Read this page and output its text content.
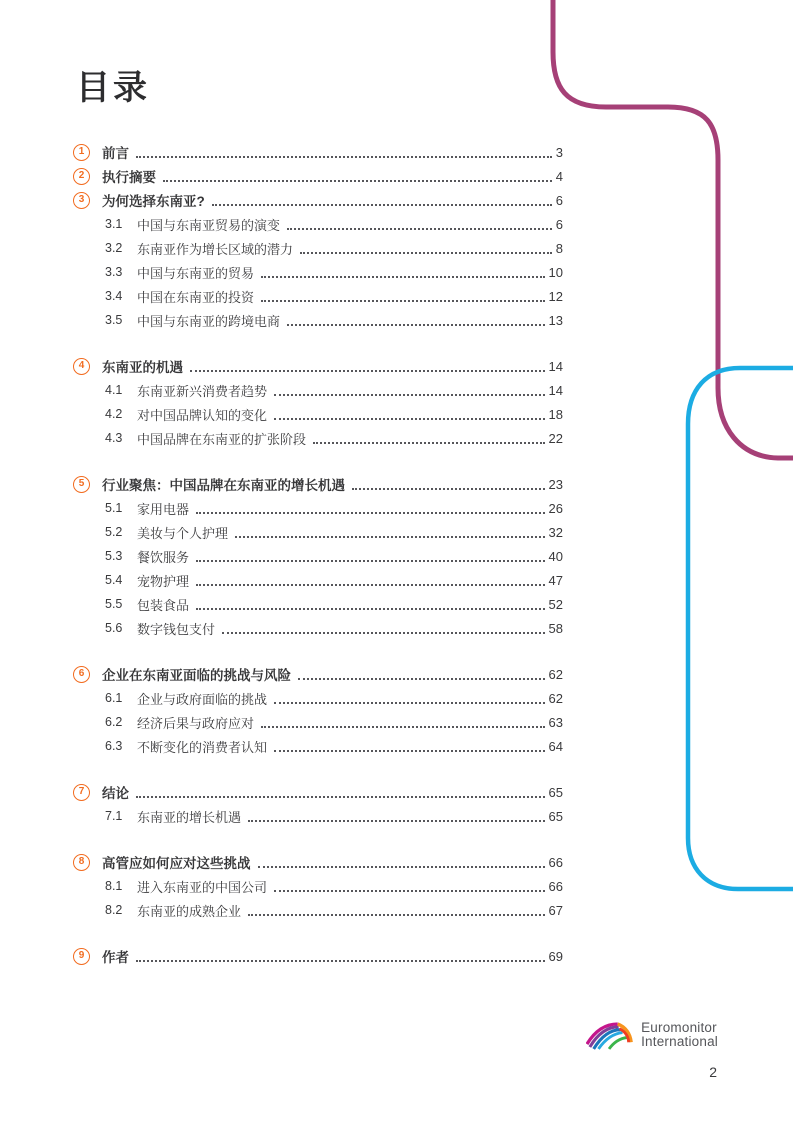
目录
1	前言	3
2	执行摘要	4
3	为何选择东南亚?	6
3.1	中国与东南亚贸易的演变	6
3.2	东南亚作为增长区域的潜力	8
3.3	中国与东南亚的贸易	10
3.4	中国在东南亚的投资	12
3.5	中国与东南亚的跨境电商	13
4	东南亚的机遇	14
4.1	东南亚新兴消费者趋势	14
4.2	对中国品牌认知的变化	18
4.3	中国品牌在东南亚的扩张阶段	22
5	行业聚焦：中国品牌在东南亚的增长机遇	23
5.1	家用电器	26
5.2	美妆与个人护理	32
5.3	餐饮服务	40
5.4	宠物护理	47
5.5	包装食品	52
5.6	数字钱包支付	58
6	企业在东南亚面临的挑战与风险	62
6.1	企业与政府面临的挑战	62
6.2	经济后果与政府应对	63
6.3	不断变化的消费者认知	64
7	结论	65
7.1	东南亚的增长机遇	65
8	高管应如何应对这些挑战	66
8.1	进入东南亚的中国公司	66
8.2	东南亚的成熟企业	67
9	作者	69
Euromonitor
International
2
